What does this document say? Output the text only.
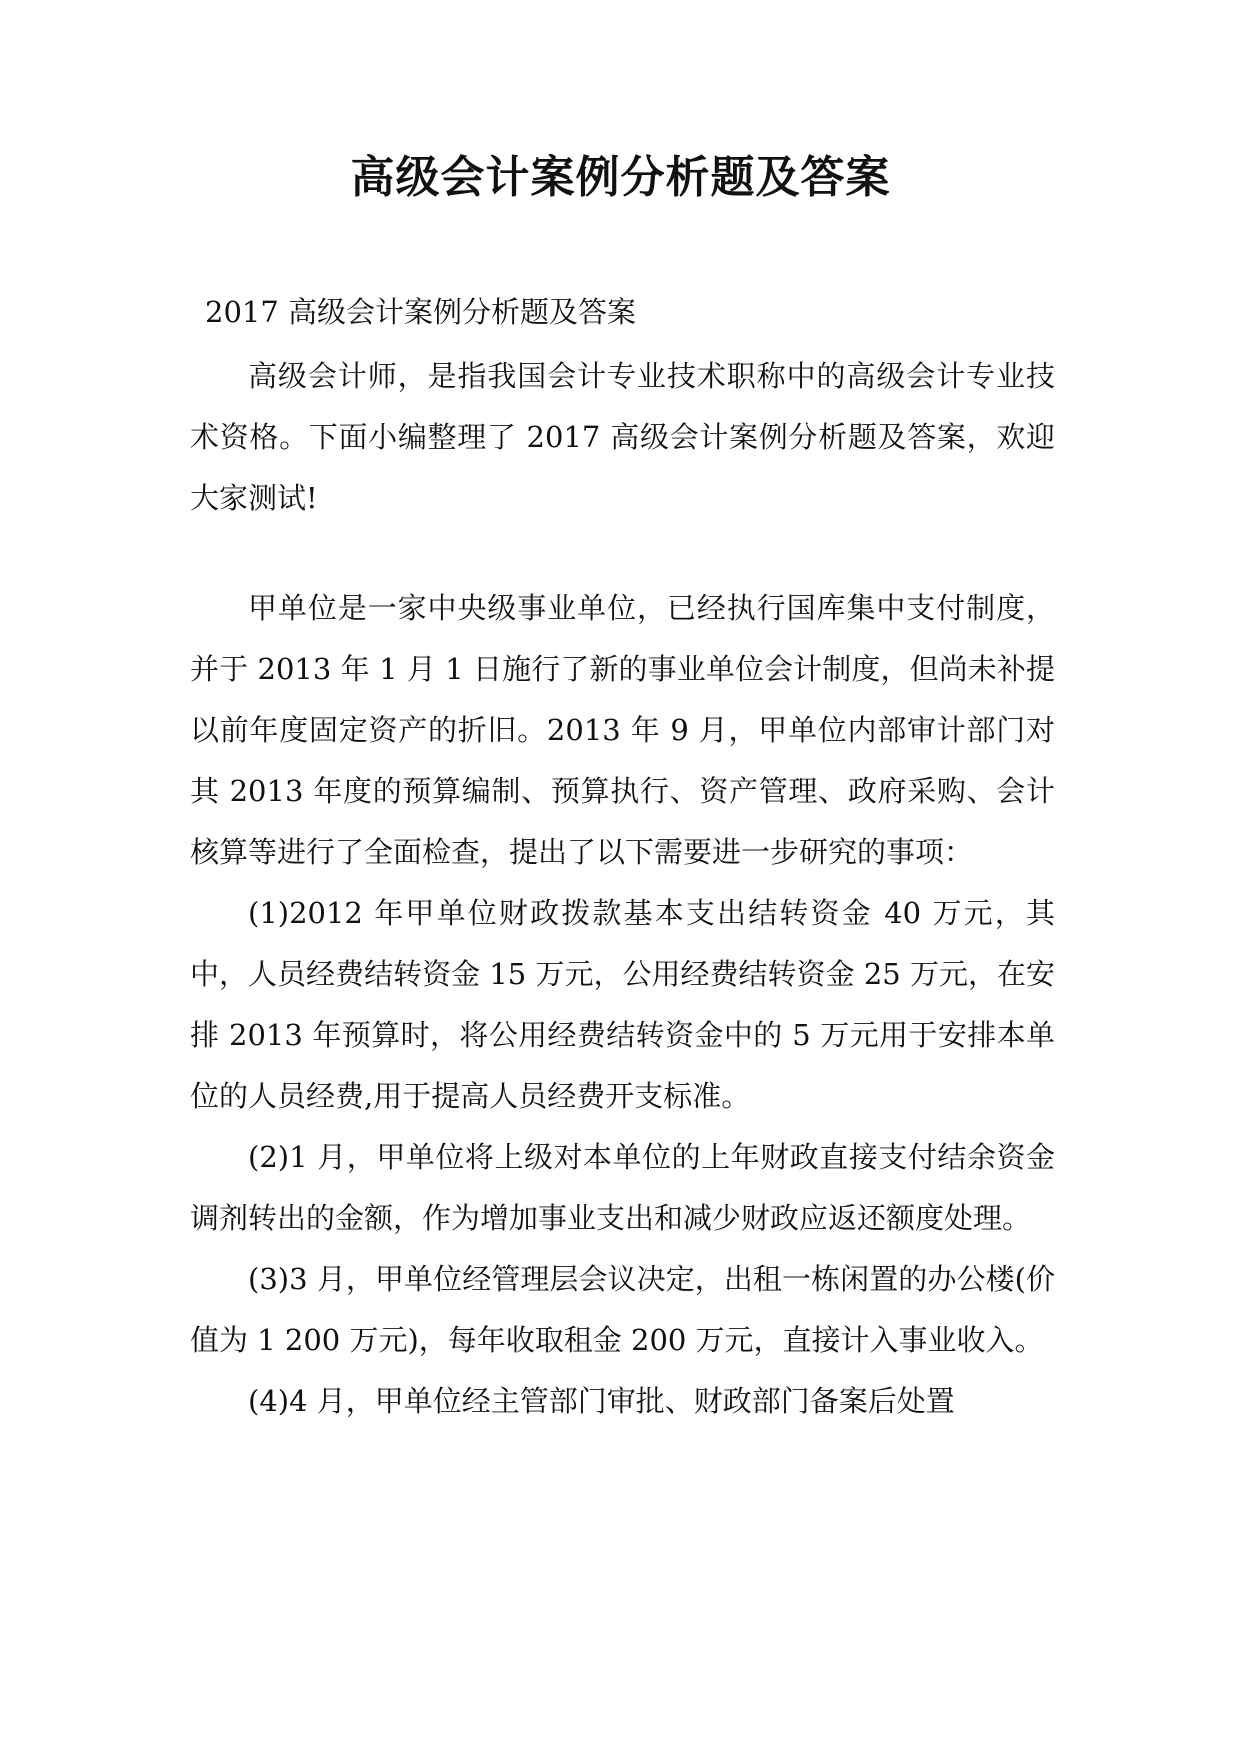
高级会计案例分析题及答案

2017 高级会计案例分析题及答案

高级会计师，是指我国会计专业技术职称中的高级会计专业技术资格。下面小编整理了 2017 高级会计案例分析题及答案，欢迎大家测试!

甲单位是一家中央级事业单位，已经执行国库集中支付制度，并于 2013 年 1 月 1 日施行了新的事业单位会计制度，但尚未补提以前年度固定资产的折旧。2013 年 9 月，甲单位内部审计部门对其 2013 年度的预算编制、预算执行、资产管理、政府采购、会计核算等进行了全面检查，提出了以下需要进一步研究的事项：

(1)2012 年甲单位财政拨款基本支出结转资金 40 万元，其中，人员经费结转资金 15 万元，公用经费结转资金 25 万元，在安排 2013 年预算时，将公用经费结转资金中的 5 万元用于安排本单位的人员经费,用于提高人员经费开支标准。

(2)1 月，甲单位将上级对本单位的上年财政直接支付结余资金调剂转出的金额，作为增加事业支出和减少财政应返还额度处理。

(3)3 月，甲单位经管理层会议决定，出租一栋闲置的办公楼(价值为 1 200 万元)，每年收取租金 200 万元，直接计入事业收入。

(4)4 月，甲单位经主管部门审批、财政部门备案后处置
